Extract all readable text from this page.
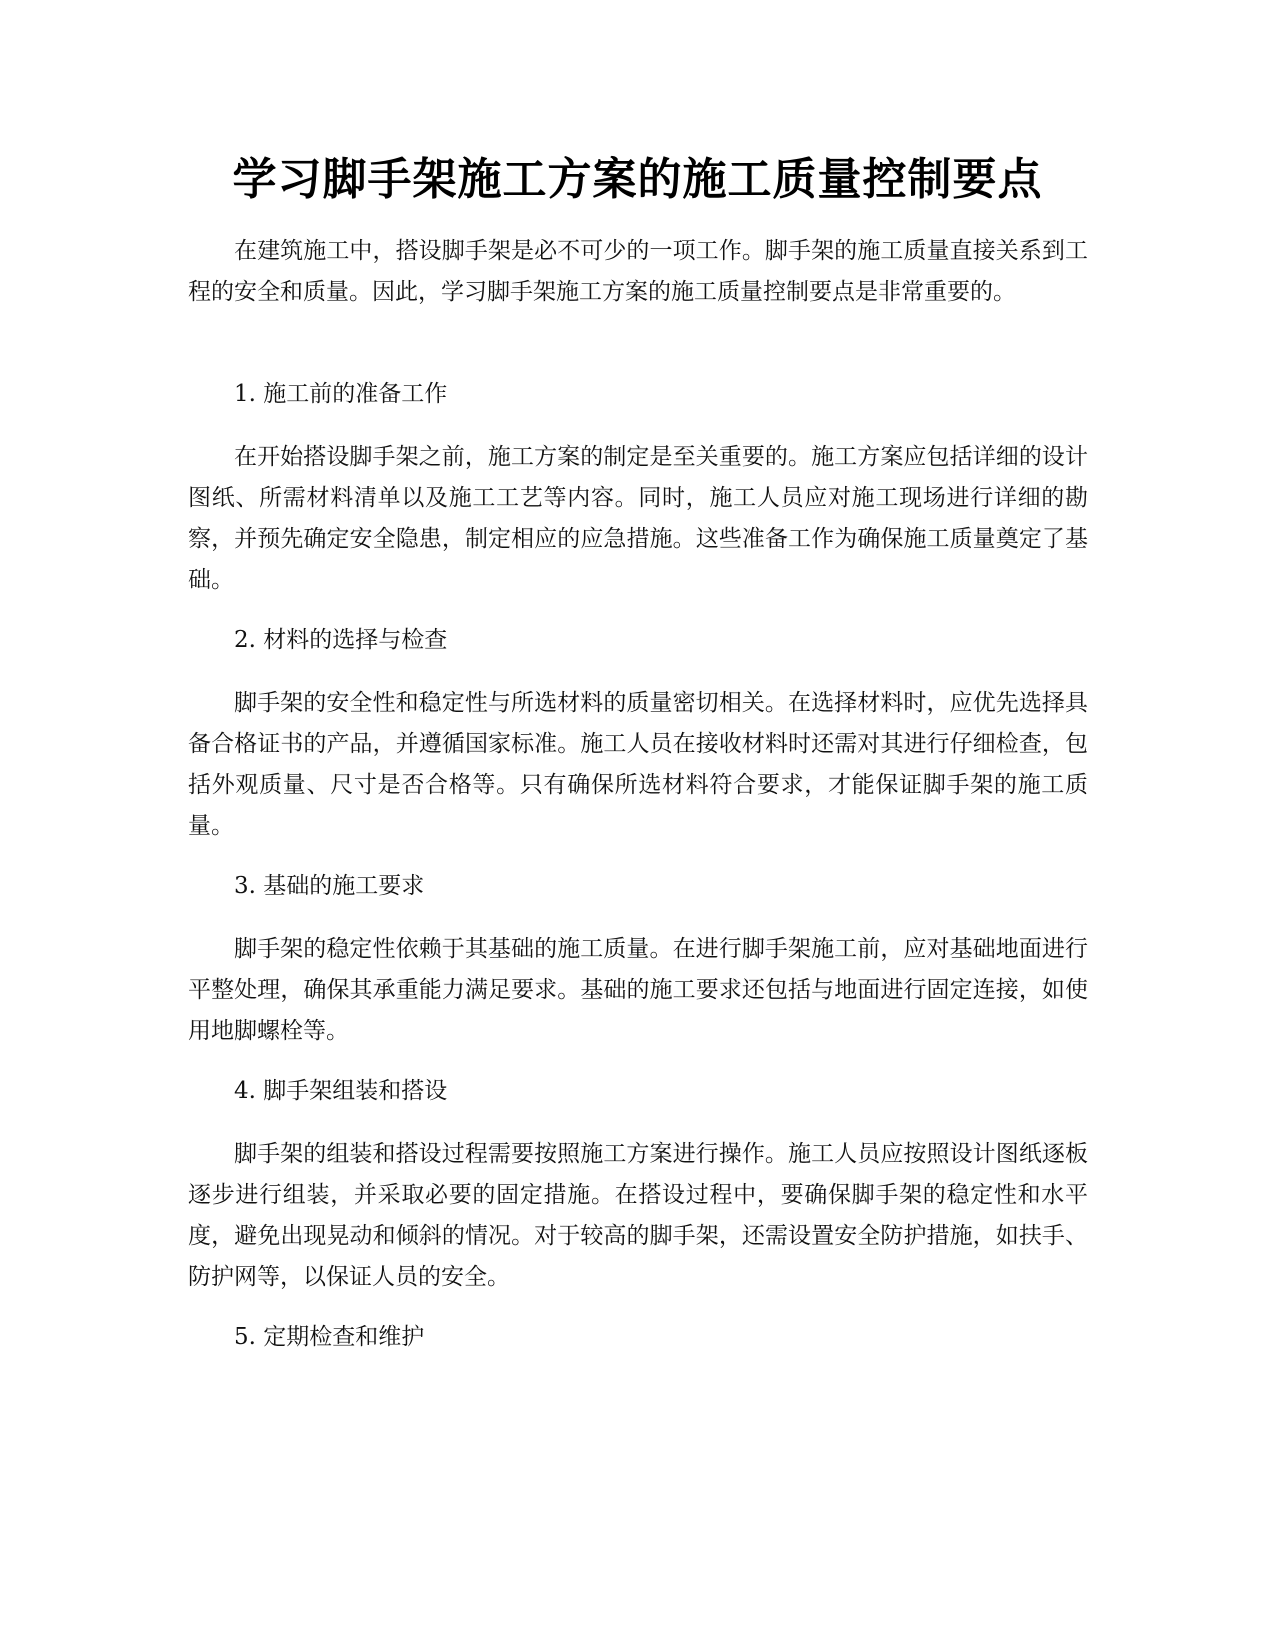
学习脚手架施工方案的施工质量控制要点

在建筑施工中，搭设脚手架是必不可少的一项工作。脚手架的施工质量直接关系到工程的安全和质量。因此，学习脚手架施工方案的施工质量控制要点是非常重要的。

1. 施工前的准备工作

在开始搭设脚手架之前，施工方案的制定是至关重要的。施工方案应包括详细的设计图纸、所需材料清单以及施工工艺等内容。同时，施工人员应对施工现场进行详细的勘察，并预先确定安全隐患，制定相应的应急措施。这些准备工作为确保施工质量奠定了基础。

2. 材料的选择与检查

脚手架的安全性和稳定性与所选材料的质量密切相关。在选择材料时，应优先选择具备合格证书的产品，并遵循国家标准。施工人员在接收材料时还需对其进行仔细检查，包括外观质量、尺寸是否合格等。只有确保所选材料符合要求，才能保证脚手架的施工质量。

3. 基础的施工要求

脚手架的稳定性依赖于其基础的施工质量。在进行脚手架施工前，应对基础地面进行平整处理，确保其承重能力满足要求。基础的施工要求还包括与地面进行固定连接，如使用地脚螺栓等。

4. 脚手架组装和搭设

脚手架的组装和搭设过程需要按照施工方案进行操作。施工人员应按照设计图纸逐板逐步进行组装，并采取必要的固定措施。在搭设过程中，要确保脚手架的稳定性和水平度，避免出现晃动和倾斜的情况。对于较高的脚手架，还需设置安全防护措施，如扶手、防护网等，以保证人员的安全。

5. 定期检查和维护
